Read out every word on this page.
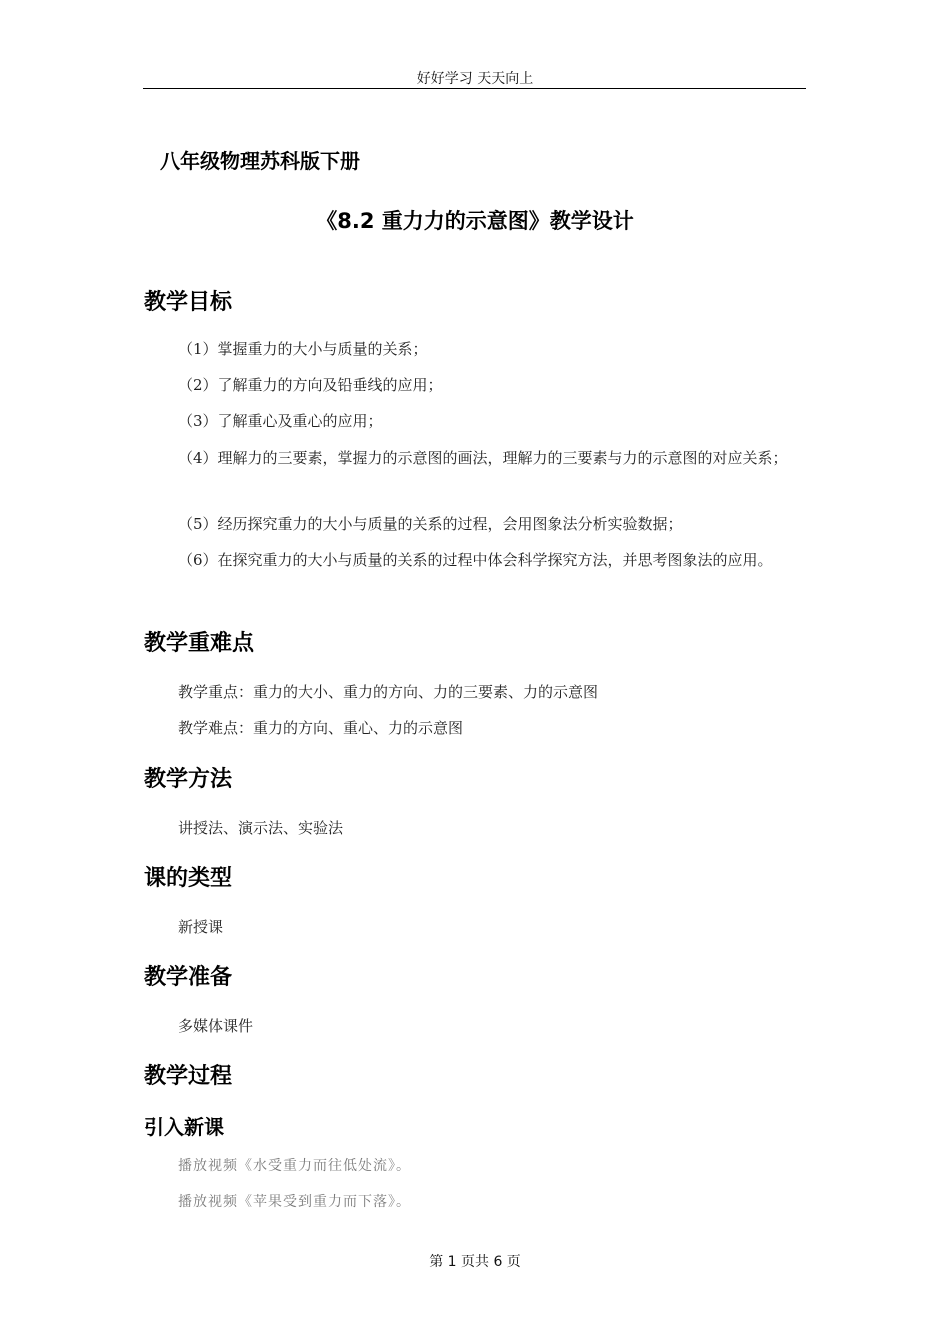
好好学习 天天向上
八年级物理苏科版下册
《8.2 重力力的示意图》教学设计
教学目标
（1）掌握重力的大小与质量的关系；
（2）了解重力的方向及铅垂线的应用；
（3）了解重心及重心的应用；
（4）理解力的三要素，掌握力的示意图的画法，理解力的三要素与力的示意图的对应关系；
（5）经历探究重力的大小与质量的关系的过程，会用图象法分析实验数据；
（6）在探究重力的大小与质量的关系的过程中体会科学探究方法，并思考图象法的应用。
教学重难点
教学重点：重力的大小、重力的方向、力的三要素、力的示意图
教学难点：重力的方向、重心、力的示意图
教学方法
讲授法、演示法、实验法
课的类型
新授课
教学准备
多媒体课件
教学过程
引入新课
播放视频《水受重力而往低处流》。
播放视频《苹果受到重力而下落》。
第 1 页共 6 页
